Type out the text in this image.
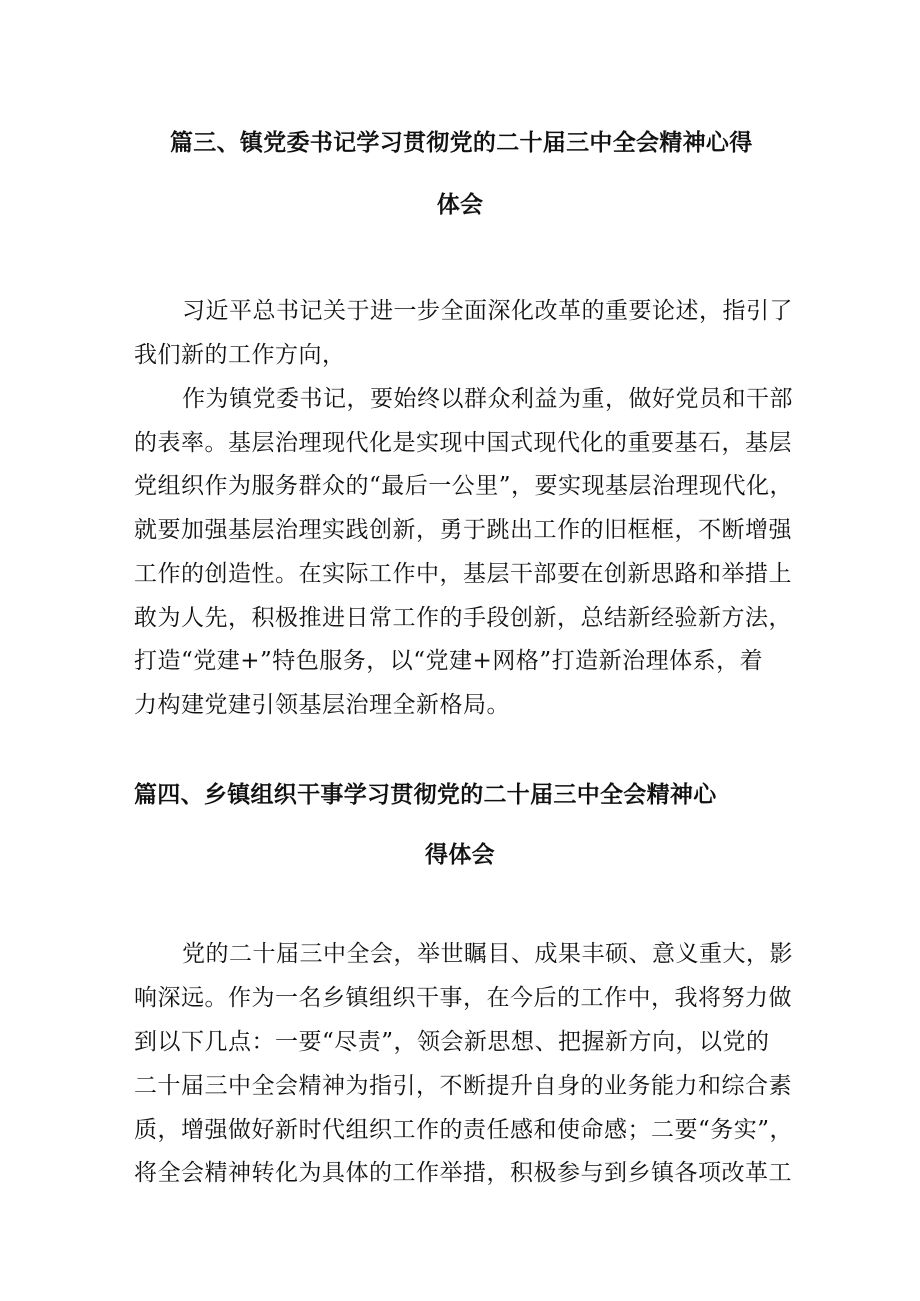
篇三、镇党委书记学习贯彻党的二十届三中全会精神心得
体会
习近平总书记关于进一步全面深化改革的重要论述，指引了
我们新的工作方向，
作为镇党委书记，要始终以群众利益为重，做好党员和干部
的表率。基层治理现代化是实现中国式现代化的重要基石，基层
党组织作为服务群众的“最后一公里”，要实现基层治理现代化，
就要加强基层治理实践创新，勇于跳出工作的旧框框，不断增强
工作的创造性。在实际工作中，基层干部要在创新思路和举措上
敢为人先，积极推进日常工作的手段创新，总结新经验新方法，
打造“党建+”特色服务，以“党建+网格”打造新治理体系，着
力构建党建引领基层治理全新格局。
篇四、乡镇组织干事学习贯彻党的二十届三中全会精神心
得体会
党的二十届三中全会，举世瞩目、成果丰硕、意义重大，影
响深远。作为一名乡镇组织干事，在今后的工作中，我将努力做
到以下几点：一要“尽责”，领会新思想、把握新方向，以党的
二十届三中全会精神为指引，不断提升自身的业务能力和综合素
质，增强做好新时代组织工作的责任感和使命感；二要“务实”，
将全会精神转化为具体的工作举措，积极参与到乡镇各项改革工
